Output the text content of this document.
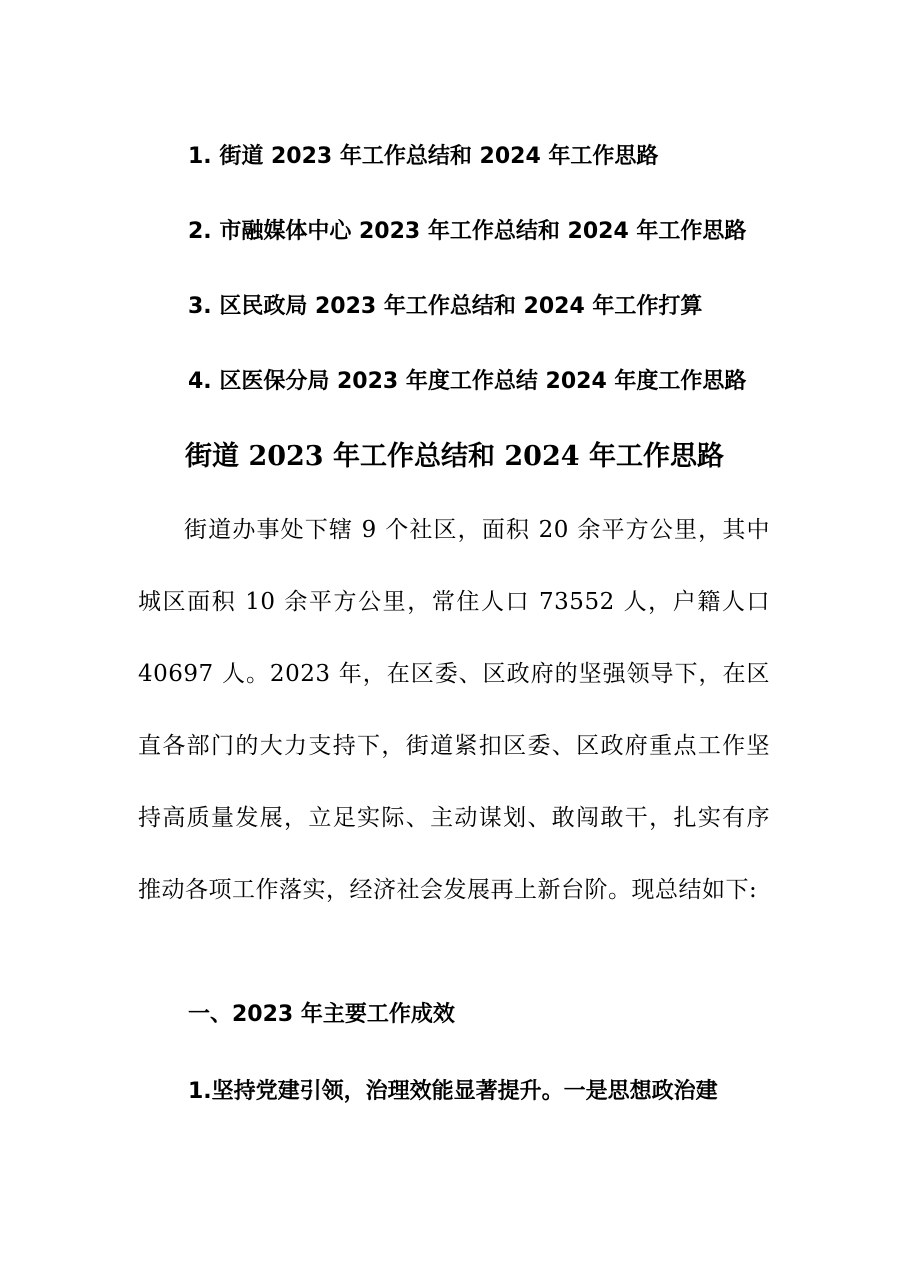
1. 街道 2023 年工作总结和 2024 年工作思路
2. 市融媒体中心 2023 年工作总结和 2024 年工作思路
3. 区民政局 2023 年工作总结和 2024 年工作打算
4. 区医保分局 2023 年度工作总结 2024 年度工作思路
街道 2023 年工作总结和 2024 年工作思路
街道办事处下辖 9 个社区，面积 20 余平方公里，其中城区面积 10 余平方公里，常住人口 73552 人，户籍人口 40697 人。2023 年，在区委、区政府的坚强领导下，在区直各部门的大力支持下，街道紧扣区委、区政府重点工作坚持高质量发展，立足实际、主动谋划、敢闯敢干，扎实有序推动各项工作落实，经济社会发展再上新台阶。现总结如下:
一、2023 年主要工作成效
1.坚持党建引领，治理效能显著提升。一是思想政治建
